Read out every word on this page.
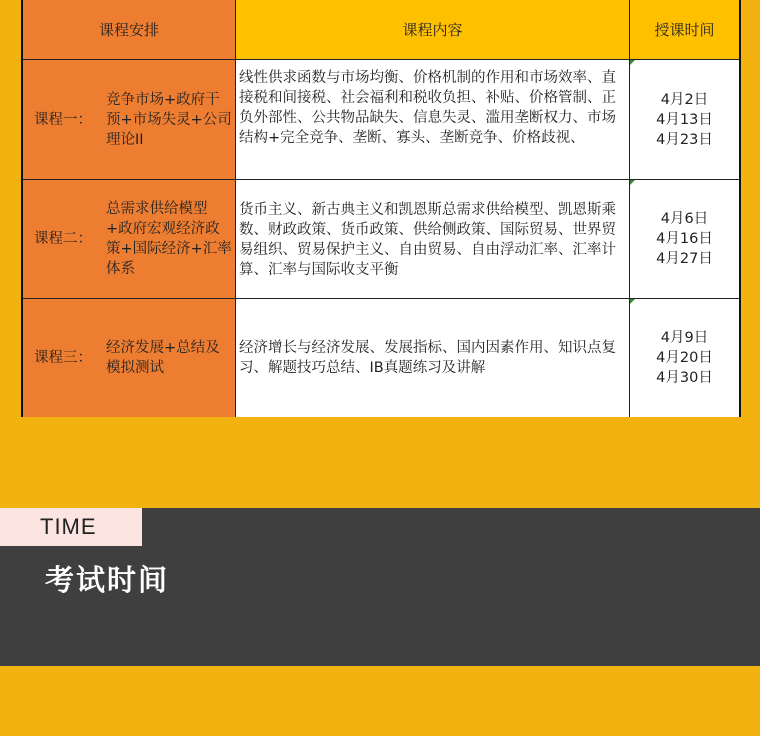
课程安排	课程内容	授课时间
课程一：
竞争市场+政府干预+市场失灵+公司理论II
线性供求函数与市场均衡、价格机制的作用和市场效率、直接税和间接税、社会福利和税收负担、补贴、价格管制、正负外部性、公共物品缺失、信息失灵、滥用垄断权力、市场结构+完全竞争、垄断、寡头、垄断竞争、价格歧视、
4月2日
4月13日
4月23日
课程二：
总需求供给模型+政府宏观经济政策+国际经济+汇率体系
货币主义、新古典主义和凯恩斯总需求供给模型、凯恩斯乘数、财政政策、货币政策、供给侧政策、国际贸易、世界贸易组织、贸易保护主义、自由贸易、自由浮动汇率、汇率计算、汇率与国际收支平衡
4月6日
4月16日
4月27日
课程三：
经济发展+总结及模拟测试
经济增长与经济发展、发展指标、国内因素作用、知识点复习、解题技巧总结、IB真题练习及讲解
4月9日
4月20日
4月30日
TIME
考试时间
